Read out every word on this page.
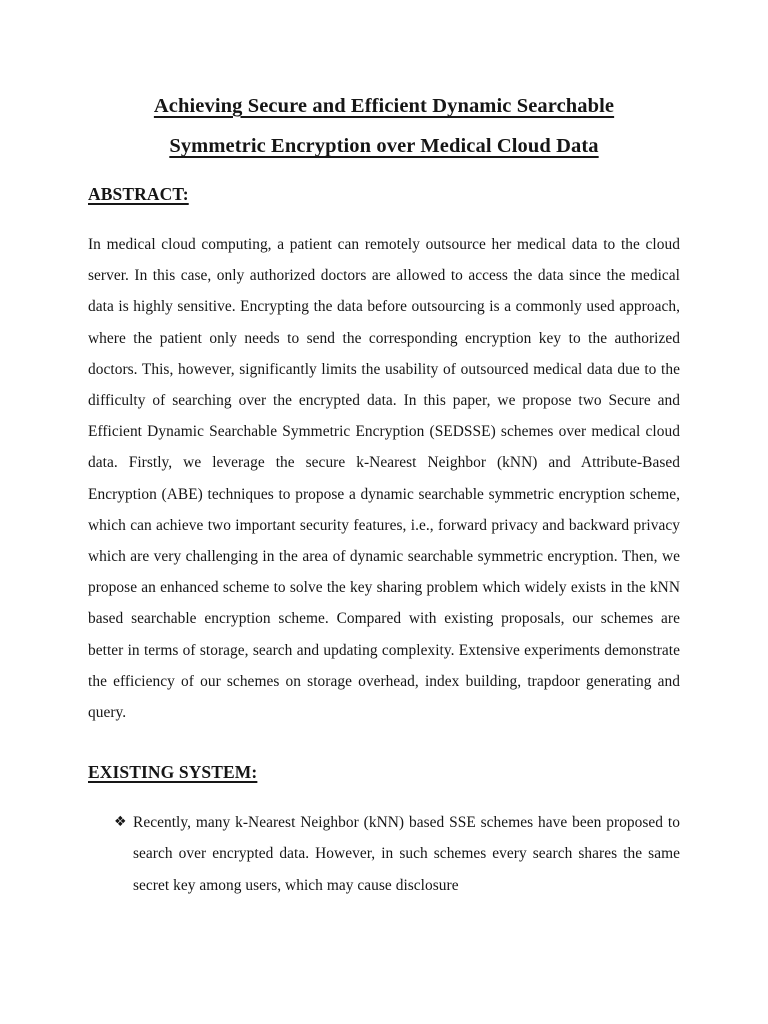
Achieving Secure and Efficient Dynamic Searchable
Symmetric Encryption over Medical Cloud Data
ABSTRACT:

In medical cloud computing, a patient can remotely outsource her medical data to the cloud server. In this case, only authorized doctors are allowed to access the data since the medical data is highly sensitive. Encrypting the data before outsourcing is a commonly used approach, where the patient only needs to send the corresponding encryption key to the authorized doctors. This, however, significantly limits the usability of outsourced medical data due to the difficulty of searching over the encrypted data. In this paper, we propose two Secure and Efficient Dynamic Searchable Symmetric Encryption (SEDSSE) schemes over medical cloud data. Firstly, we leverage the secure k-Nearest Neighbor (kNN) and Attribute-Based Encryption (ABE) techniques to propose a dynamic searchable symmetric encryption scheme, which can achieve two important security features, i.e., forward privacy and backward privacy which are very challenging in the area of dynamic searchable symmetric encryption. Then, we propose an enhanced scheme to solve the key sharing problem which widely exists in the kNN based searchable encryption scheme. Compared with existing proposals, our schemes are better in terms of storage, search and updating complexity. Extensive experiments demonstrate the efficiency of our schemes on storage overhead, index building, trapdoor generating and query.

EXISTING SYSTEM:
❖ Recently, many k-Nearest Neighbor (kNN) based SSE schemes have been proposed to search over encrypted data. However, in such schemes every search shares the same secret key among users, which may cause disclosure
